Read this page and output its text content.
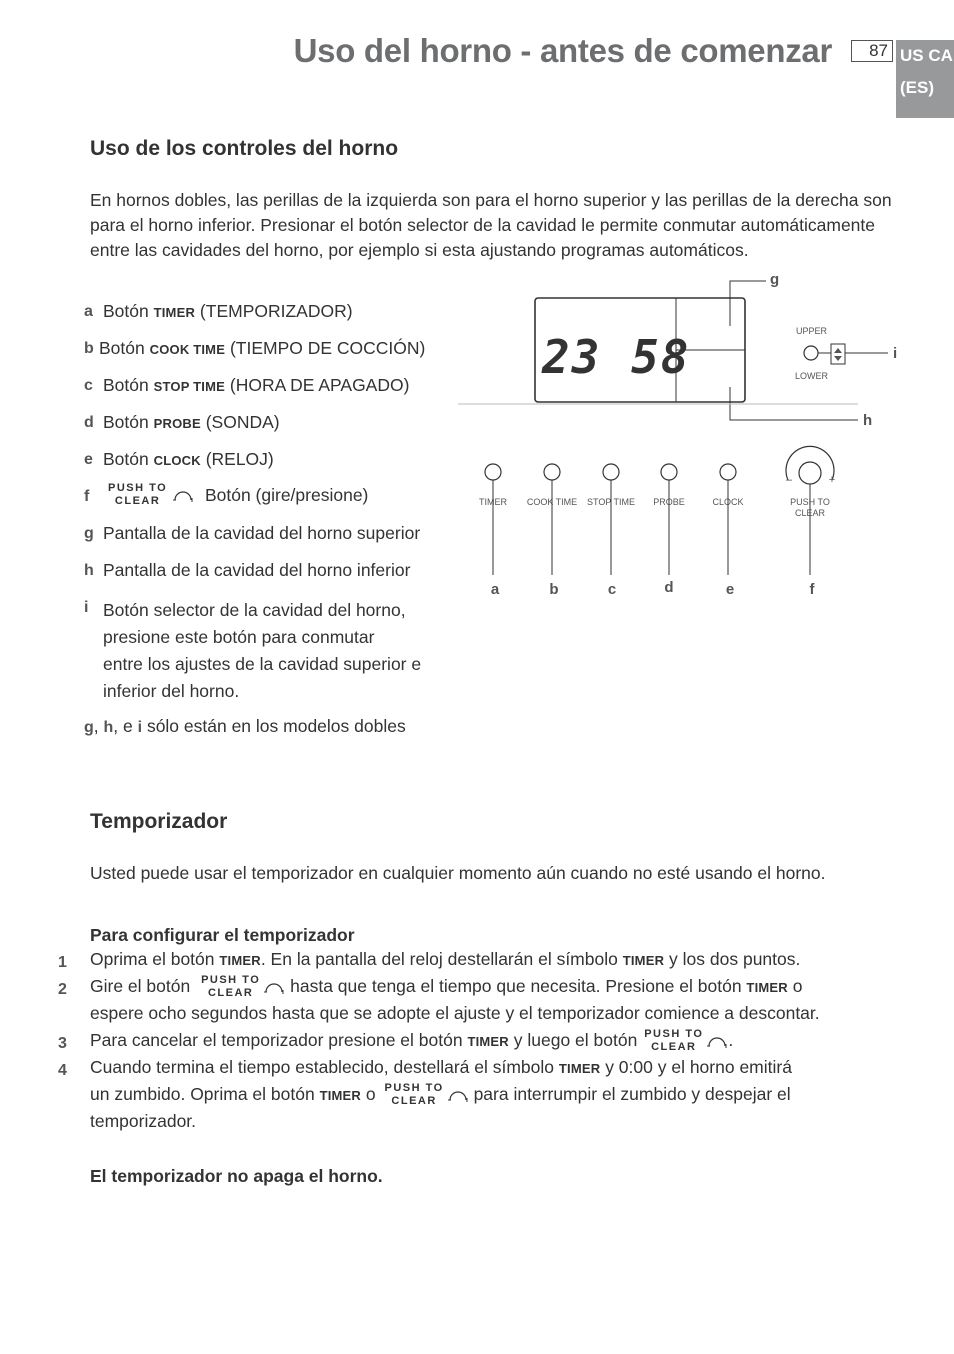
Uso del horno - antes de comenzar	87 US CA
(ES)
Uso de los controles del horno

En hornos dobles, las perillas de la izquierda son para el horno superior y las perillas de la derecha son para el horno inferior. Presionar el botón selector de la cavidad le permite conmutar automáticamente entre las cavidades del horno, por ejemplo si esta ajustando programas automáticos.

a Botón TIMER (TEMPORIZADOR)
b Botón COOK TIME (TIEMPO DE COCCIÓN)
c Botón STOP TIME (HORA DE APAGADO)
d Botón PROBE (SONDA)
e Botón CLOCK (RELOJ)
f PUSH TO
CLEAR	Botón (gire/presione)
g Pantalla de la cavidad del horno superior
h Pantalla de la cavidad del horno inferior
i Botón selector de la cavidad del horno,
presione este botón para conmutar
entre los ajustes de la cavidad superior e
inferior del horno.
g, h, e i sólo están en los modelos dobles
23 58
g
h
UPPER
i
LOWER
TIMER
a
COOK TIME
b
STOP TIME
c
PROBE
d
CLOCK
e
–	+
PUSH TO
CLEAR
f
Temporizador

Usted puede usar el temporizador en cualquier momento aún cuando no esté usando el horno.

Para configurar el temporizador
1 Oprima el botón TIMER. En la pantalla del reloj destellarán el símbolo TIMER y los dos puntos.
2 Gire el botón PUSH TO
CLEAR hasta que tenga el tiempo que necesita. Presione el botón TIMER o
espere ocho segundos hasta que se adopte el ajuste y el temporizador comience a descontar.
3 Para cancelar el temporizador presione el botón TIMER y luego el botón PUSH TO
CLEAR .
4 Cuando termina el tiempo establecido, destellará el símbolo TIMER y 0:00 y el horno emitirá
un zumbido. Oprima el botón TIMER o PUSH TO
CLEAR para interrumpir el zumbido y despejar el
temporizador.
El temporizador no apaga el horno.
